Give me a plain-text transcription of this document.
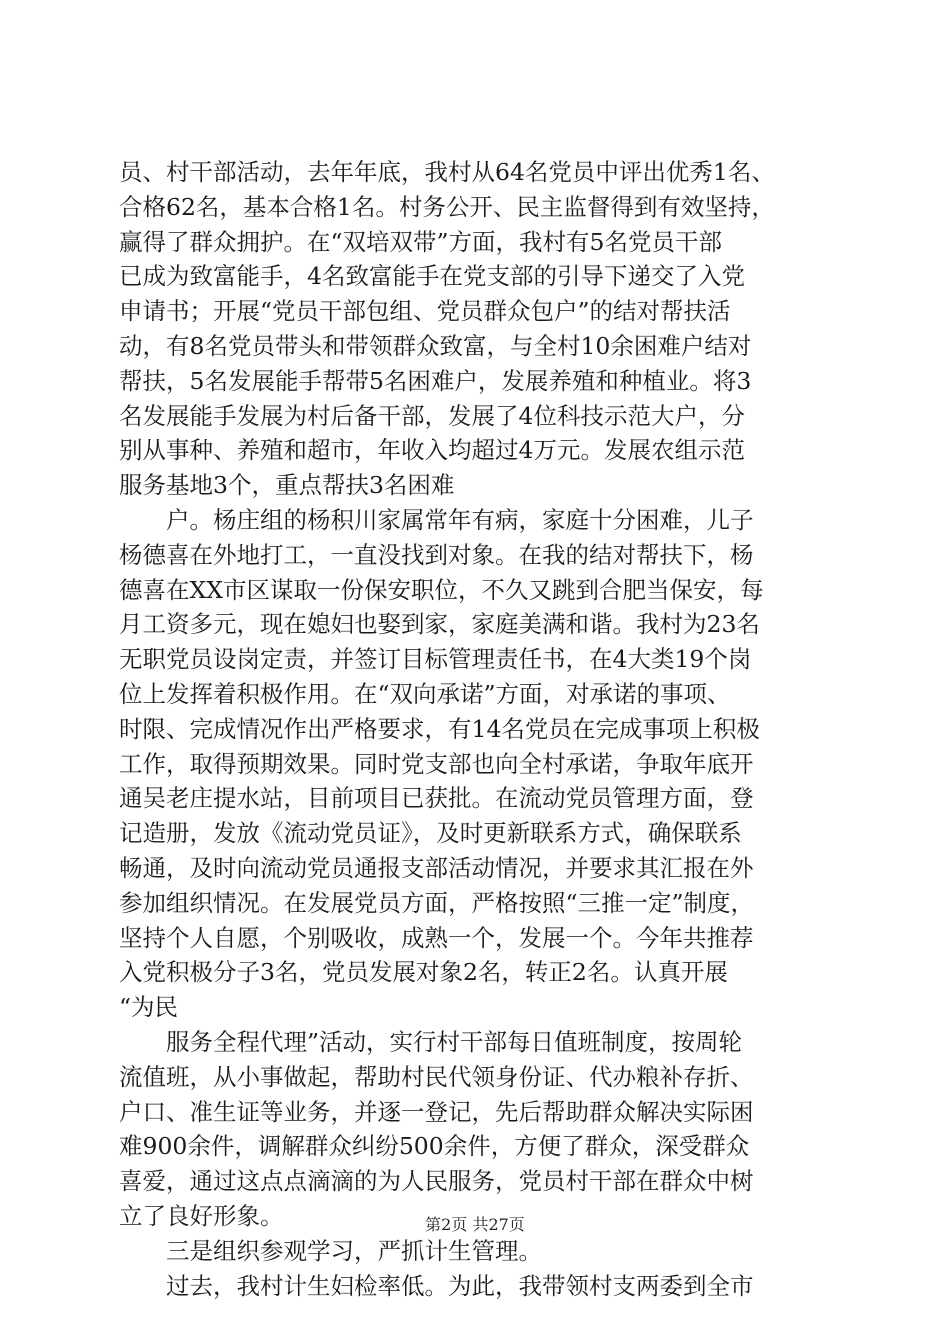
员、村干部活动，去年年底，我村从64名党员中评出优秀1名、
合格62名，基本合格1名。村务公开、民主监督得到有效坚持，
赢得了群众拥护。在“双培双带”方面，我村有5名党员干部
已成为致富能手，4名致富能手在党支部的引导下递交了入党
申请书；开展“党员干部包组、党员群众包户”的结对帮扶活
动，有8名党员带头和带领群众致富，与全村10余困难户结对
帮扶，5名发展能手帮带5名困难户，发展养殖和种植业。将3
名发展能手发展为村后备干部，发展了4位科技示范大户，分
别从事种、养殖和超市，年收入均超过4万元。发展农组示范
服务基地3个，重点帮扶3名困难
户。杨庄组的杨积川家属常年有病，家庭十分困难，儿子
杨德喜在外地打工，一直没找到对象。在我的结对帮扶下，杨
德喜在XX市区谋取一份保安职位，不久又跳到合肥当保安，每
月工资多元，现在媳妇也娶到家，家庭美满和谐。我村为23名
无职党员设岗定责，并签订目标管理责任书，在4大类19个岗
位上发挥着积极作用。在“双向承诺”方面，对承诺的事项、
时限、完成情况作出严格要求，有14名党员在完成事项上积极
工作，取得预期效果。同时党支部也向全村承诺，争取年底开
通吴老庄提水站，目前项目已获批。在流动党员管理方面，登
记造册，发放《流动党员证》，及时更新联系方式，确保联系
畅通，及时向流动党员通报支部活动情况，并要求其汇报在外
参加组织情况。在发展党员方面，严格按照“三推一定”制度，
坚持个人自愿，个别吸收，成熟一个，发展一个。今年共推荐
入党积极分子3名，党员发展对象2名，转正2名。认真开展
“为民
服务全程代理”活动，实行村干部每日值班制度，按周轮
流值班，从小事做起，帮助村民代领身份证、代办粮补存折、
户口、准生证等业务，并逐一登记，先后帮助群众解决实际困
难900余件，调解群众纠纷500余件，方便了群众，深受群众
喜爱，通过这点点滴滴的为人民服务，党员村干部在群众中树
立了良好形象。
三是组织参观学习，严抓计生管理。
过去，我村计生妇检率低。为此，我带领村支两委到全市
第2页 共27页
